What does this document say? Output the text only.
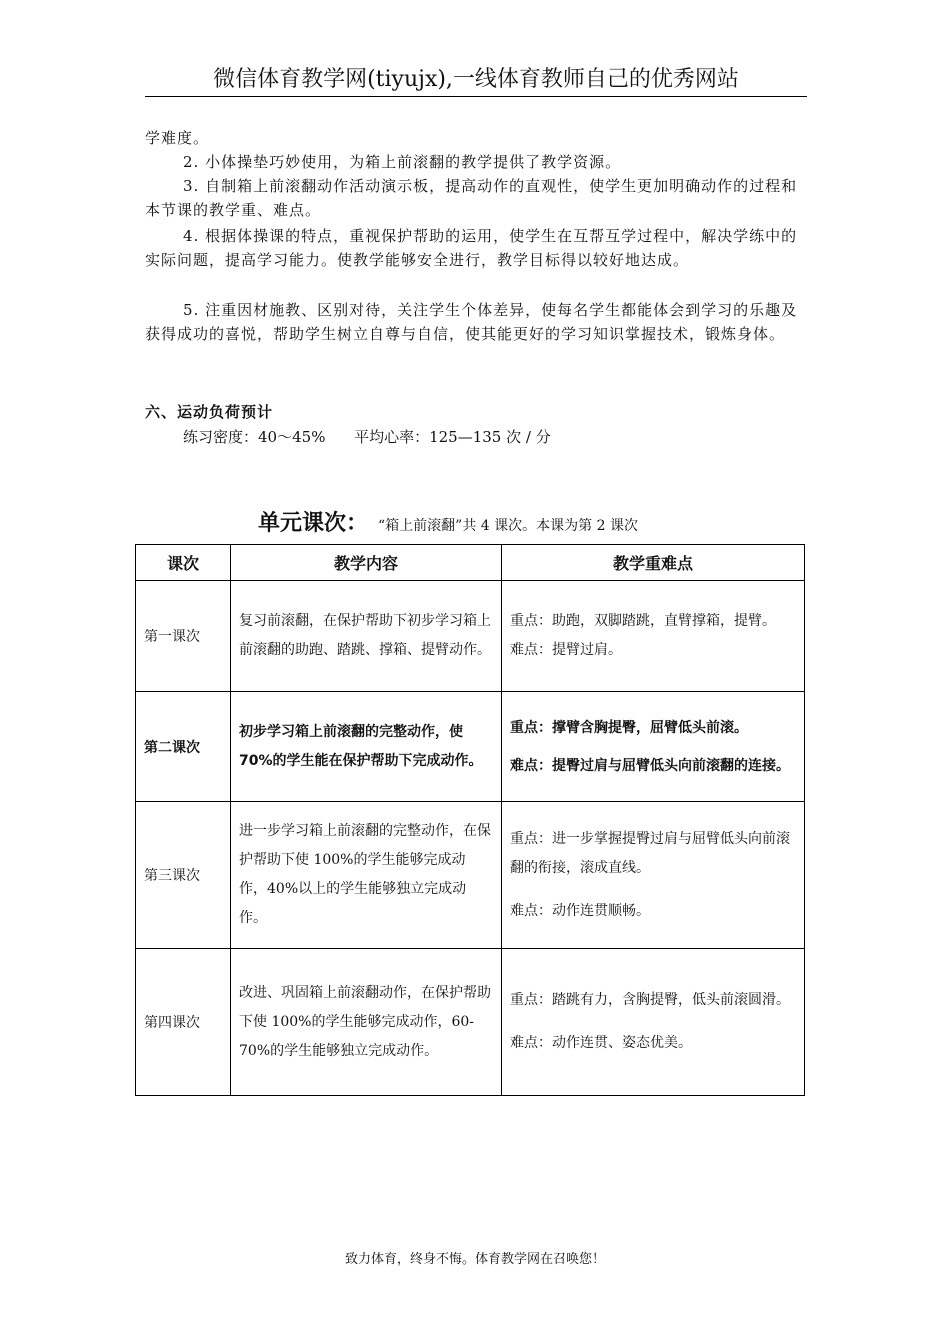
微信体育教学网(tiyujx),一线体育教师自己的优秀网站

学难度。

2. 小体操垫巧妙使用，为箱上前滚翻的教学提供了教学资源。

3. 自制箱上前滚翻动作活动演示板，提高动作的直观性，使学生更加明确动作的过程和本节课的教学重、难点。

4. 根据体操课的特点，重视保护帮助的运用，使学生在互帮互学过程中，解决学练中的实际问题，提高学习能力。使教学能够安全进行，教学目标得以较好地达成。

5. 注重因材施教、区别对待，关注学生个体差异，使每名学生都能体会到学习的乐趣及获得成功的喜悦，帮助学生树立自尊与自信，使其能更好的学习知识掌握技术，锻炼身体。

六、运动负荷预计
练习密度：40～45% 平均心率：125—135 次 / 分
单元课次： “箱上前滚翻”共 4 课次。本课为第 2 课次
课次	教学内容	教学重难点
第一课次	复习前滚翻，在保护帮助下初步学习箱上前滚翻的助跑、踏跳、撑箱、提臂动作。	重点：助跑，双脚踏跳，直臂撑箱，提臂。
难点：提臂过肩。

第二课次	初步学习箱上前滚翻的完整动作，使 70%的学生能在保护帮助下完成动作。	重点：撑臂含胸提臀，屈臂低头前滚。
难点：提臀过肩与屈臂低头向前滚翻的连接。

第三课次	进一步学习箱上前滚翻的完整动作，在保护帮助下使 100%的学生能够完成动作，40%以上的学生能够独立完成动作。	重点：进一步掌握提臀过肩与屈臂低头向前滚翻的衔接，滚成直线。
难点：动作连贯顺畅。

第四课次	改进、巩固箱上前滚翻动作，在保护帮助下使 100%的学生能够完成动作，60-70%的学生能够独立完成动作。	重点：踏跳有力，含胸提臀，低头前滚圆滑。
难点：动作连贯、姿态优美。
致力体育，终身不悔。体育教学网在召唤您！
